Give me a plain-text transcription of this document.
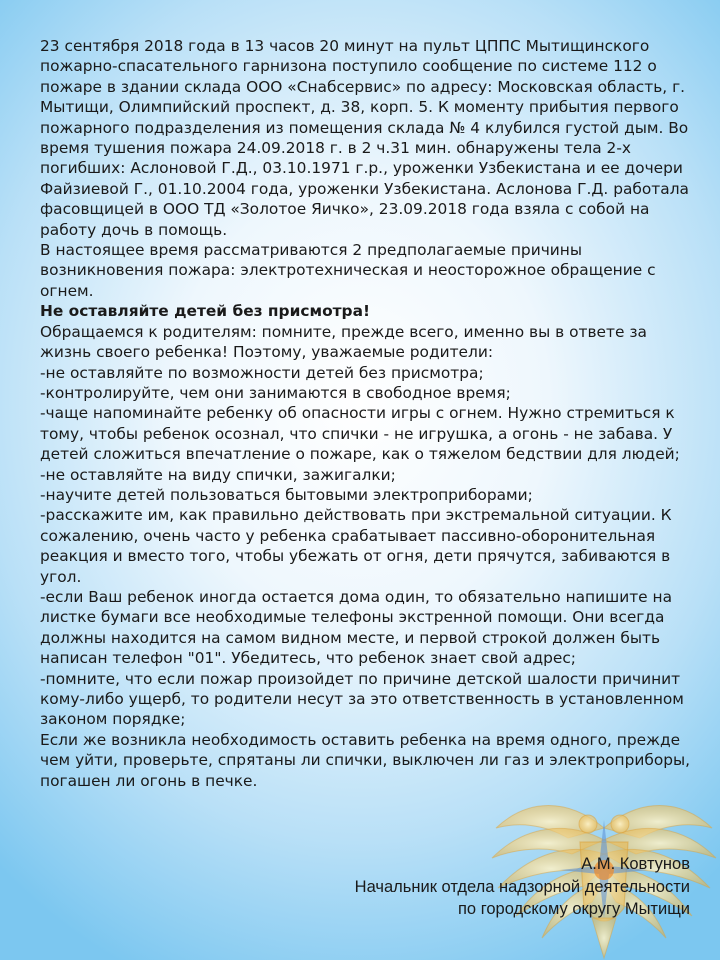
23 сентября 2018 года в 13 часов 20 минут на пульт ЦППС Мытищинского
пожарно-спасательного гарнизона поступило сообщение по системе 112 о
пожаре в здании склада ООО «Снабсервис» по адресу: Московская область, г.
Мытищи, Олимпийский проспект, д. 38, корп. 5. К моменту прибытия первого
пожарного подразделения из помещения склада № 4 клубился густой дым. Во
время тушения пожара 24.09.2018 г. в 2 ч.31 мин. обнаружены тела 2-х
погибших: Аслоновой Г.Д., 03.10.1971 г.р., уроженки Узбекистана и ее дочери
Файзиевой Г., 01.10.2004 года, уроженки Узбекистана. Аслонова Г.Д. работала
фасовщицей в ООО ТД «Золотое Яичко», 23.09.2018 года взяла с собой на
работу дочь в помощь.
В настоящее время рассматриваются 2 предполагаемые причины
возникновения пожара: электротехническая и неосторожное обращение с
огнем.
Не оставляйте детей без присмотра!
Обращаемся к родителям: помните, прежде всего, именно вы в ответе за
жизнь своего ребенка! Поэтому, уважаемые родители:
-не оставляйте по возможности детей без присмотра;
-контролируйте, чем они занимаются в свободное время;
-чаще напоминайте ребенку об опасности игры с огнем. Нужно стремиться к
тому, чтобы ребенок осознал, что спички - не игрушка, а огонь - не забава. У
детей сложиться впечатление о пожаре, как о тяжелом бедствии для людей;
-не оставляйте на виду спички, зажигалки;
-научите детей пользоваться бытовыми электроприборами;
-расскажите им, как правильно действовать при экстремальной ситуации. К
сожалению, очень часто у ребенка срабатывает пассивно-оборонительная
реакция и вместо того, чтобы убежать от огня, дети прячутся, забиваются в
угол.
-если Ваш ребенок иногда остается дома один, то обязательно напишите на
листке бумаги все необходимые телефоны экстренной помощи. Они всегда
должны находится на самом видном месте, и первой строкой должен быть
написан телефон "01". Убедитесь, что ребенок знает свой адрес;
-помните, что если пожар произойдет по причине детской шалости причинит
кому-либо ущерб, то родители несут за это ответственность в установленном
законом порядке;
Если же возникла необходимость оставить ребенка на время одного, прежде
чем уйти, проверьте, спрятаны ли спички, выключен ли газ и электроприборы,
погашен ли огонь в печке.
А.М. Ковтунов
Начальник отдела надзорной деятельности
по городскому округу Мытищи
